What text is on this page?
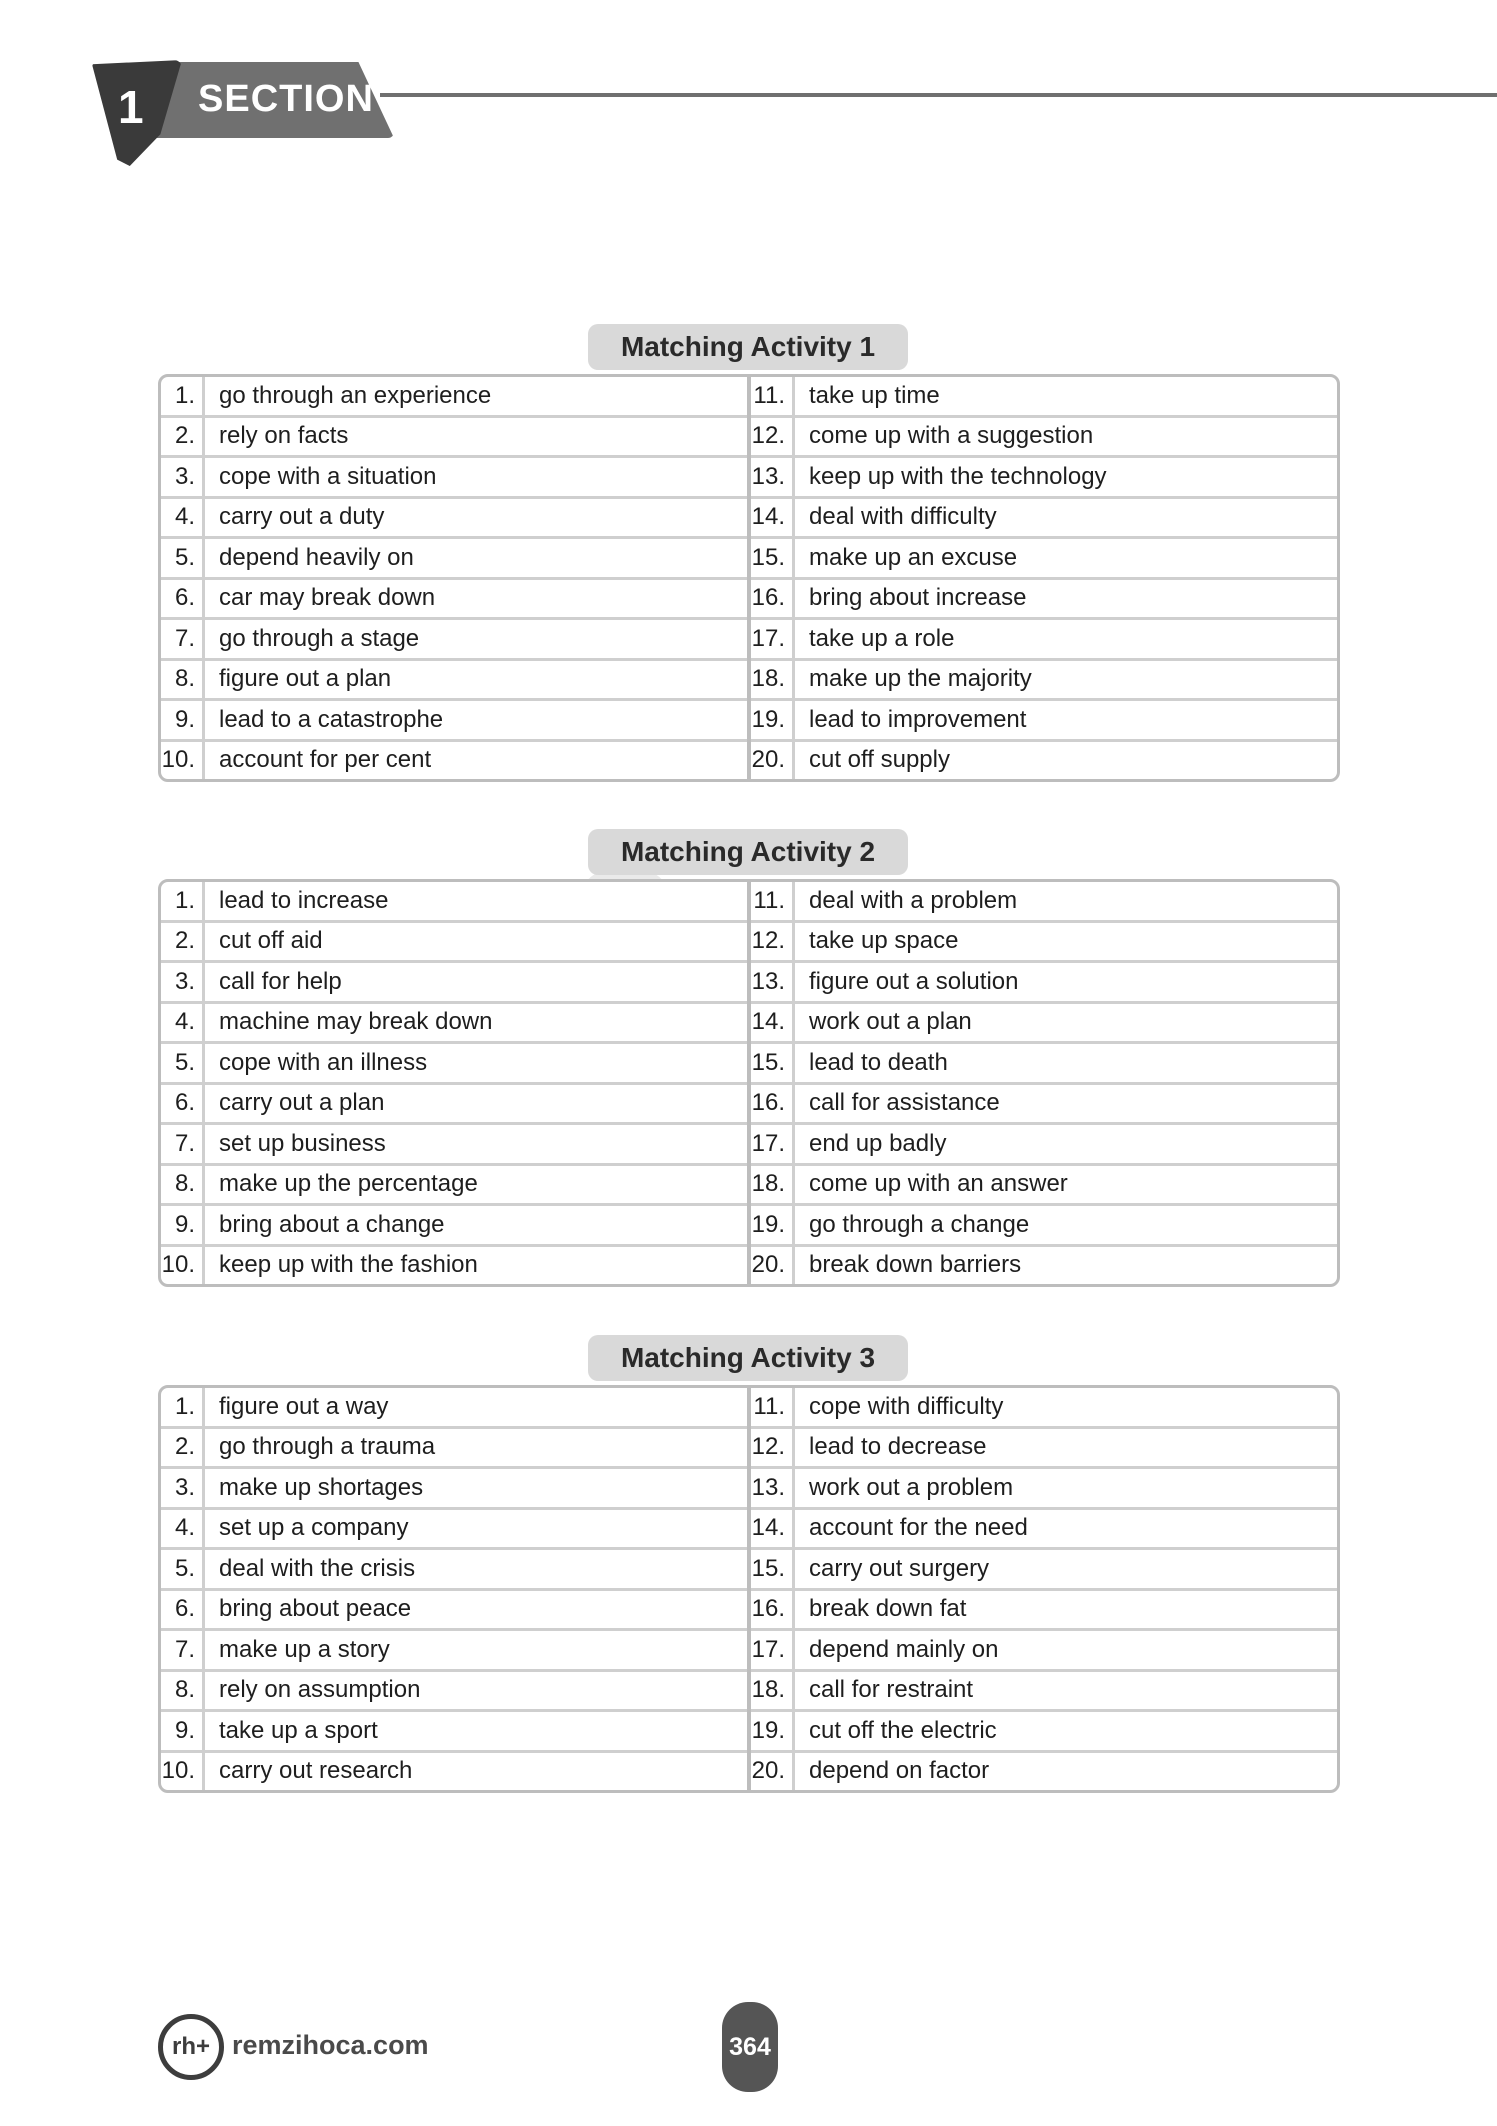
1 SECTION
Matching Activity 1
1.	go through an experience
2.	rely on facts
3.	cope with a situation
4.	carry out a duty
5.	depend heavily on
6.	car may break down
7.	go through a stage
8.	figure out a plan
9.	lead to a catastrophe
10.	account for per cent
11.	take up time
12.	come up with a suggestion
13.	keep up with the technology
14.	deal with difficulty
15.	make up an excuse
16.	bring about increase
17.	take up a role
18.	make up the majority
19.	lead to improvement
20.	cut off supply
Matching Activity 2
1.	lead to increase
2.	cut off aid
3.	call for help
4.	machine may break down
5.	cope with an illness
6.	carry out a plan
7.	set up business
8.	make up the percentage
9.	bring about a change
10.	keep up with the fashion
11.	deal with a problem
12.	take up space
13.	figure out a solution
14.	work out a plan
15.	lead to death
16.	call for assistance
17.	end up badly
18.	come up with an answer
19.	go through a change
20.	break down barriers
Matching Activity 3
1.	figure out a way
2.	go through a trauma
3.	make up shortages
4.	set up a company
5.	deal with the crisis
6.	bring about peace
7.	make up a story
8.	rely on assumption
9.	take up a sport
10.	carry out research
11.	cope with difficulty
12.	lead to decrease
13.	work out a problem
14.	account for the need
15.	carry out surgery
16.	break down fat
17.	depend mainly on
18.	call for restraint
19.	cut off the electric
20.	depend on factor
rh+ remzihoca.com	364
